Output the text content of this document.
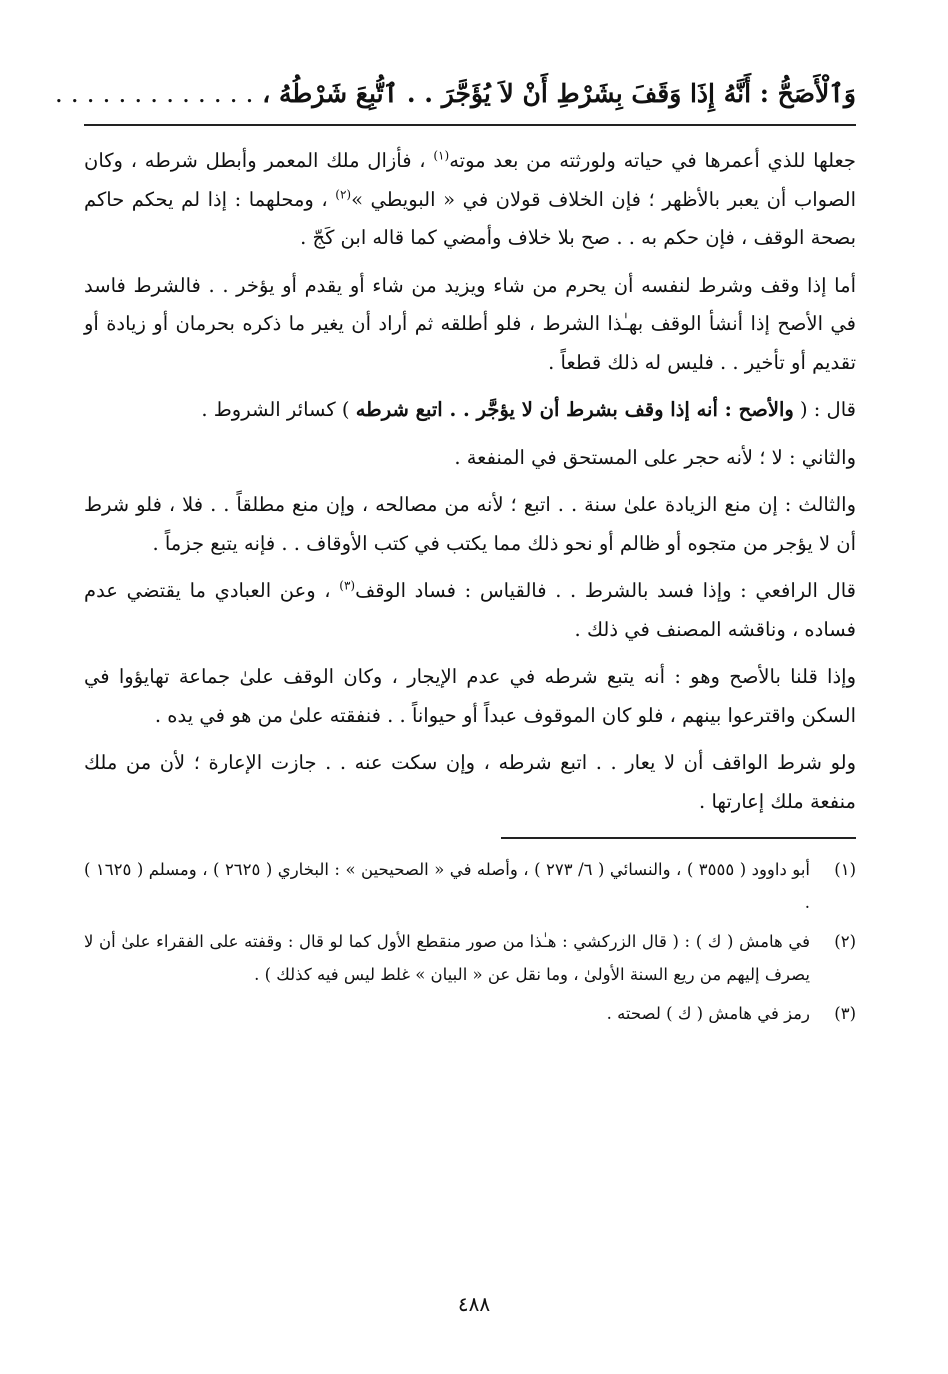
وَٱلْأَصَحُّ : أَنَّهُ إِذَا وَقَفَ بِشَرْطِ أَنْ لاَ يُؤَجَّرَ . . ٱتُّبِعَ شَرْطُهُ ، . . . . . . . . . . . . .

جعلها للذي أعمرها في حياته ولورثته من بعد موته$^{(١)}$ ، فأزال ملك المعمر وأبطل شرطه ، وكان الصواب أن يعبر بالأظهر ؛ فإن الخلاف قولان في « البويطي »$^{(٢)}$ ، ومحلهما : إذا لم يحكم حاكم بصحة الوقف ، فإن حكم به . . صح بلا خلاف وأمضي كما قاله ابن كَجّ .

أما إذا وقف وشرط لنفسه أن يحرم من شاء ويزيد من شاء أو يقدم أو يؤخر . . فالشرط فاسد في الأصح إذا أنشأ الوقف بهـٰذا الشرط ، فلو أطلقه ثم أراد أن يغير ما ذكره بحرمان أو زيادة أو تقديم أو تأخير . . فليس له ذلك قطعاً .

قال : ( والأصح : أنه إذا وقف بشرط أن لا يؤجَّر . . اتبع شرطه ) كسائر الشروط .

والثاني : لا ؛ لأنه حجر على المستحق في المنفعة .

والثالث : إن منع الزيادة علىٰ سنة . . اتبع ؛ لأنه من مصالحه ، وإن منع مطلقاً . . فلا ، فلو شرط أن لا يؤجر من متجوه أو ظالم أو نحو ذلك مما يكتب في كتب الأوقاف . . فإنه يتبع جزماً .

قال الرافعي : وإذا فسد بالشرط . . فالقياس : فساد الوقف$^{(٣)}$ ، وعن العبادي ما يقتضي عدم فساده ، وناقشه المصنف في ذلك .

وإذا قلنا بالأصح وهو : أنه يتبع شرطه في عدم الإيجار ، وكان الوقف علىٰ جماعة تهايؤوا في السكن واقترعوا بينهم ، فلو كان الموقوف عبداً أو حيواناً . . فنفقته علىٰ من هو في يده .

ولو شرط الواقف أن لا يعار . . اتبع شرطه ، وإن سكت عنه . . جازت الإعارة ؛ لأن من ملك منفعة ملك إعارتها .

(١)
أبو داوود ( ٣٥٥٥ ) ، والنسائي ( ٦/ ٢٧٣ ) ، وأصله في « الصحيحين » : البخاري ( ٢٦٢٥ ) ، ومسلم ( ١٦٢٥ ) .
(٢)
في هامش ( ك ) : ( قال الزركشي : هـٰذا من صور منقطع الأول كما لو قال : وقفته على الفقراء علىٰ أن لا يصرف إليهم من ريع السنة الأولىٰ ، وما نقل عن « البيان » غلط ليس فيه كذلك ) .
(٣)
رمز في هامش ( ك ) لصحته .
٤٨٨
